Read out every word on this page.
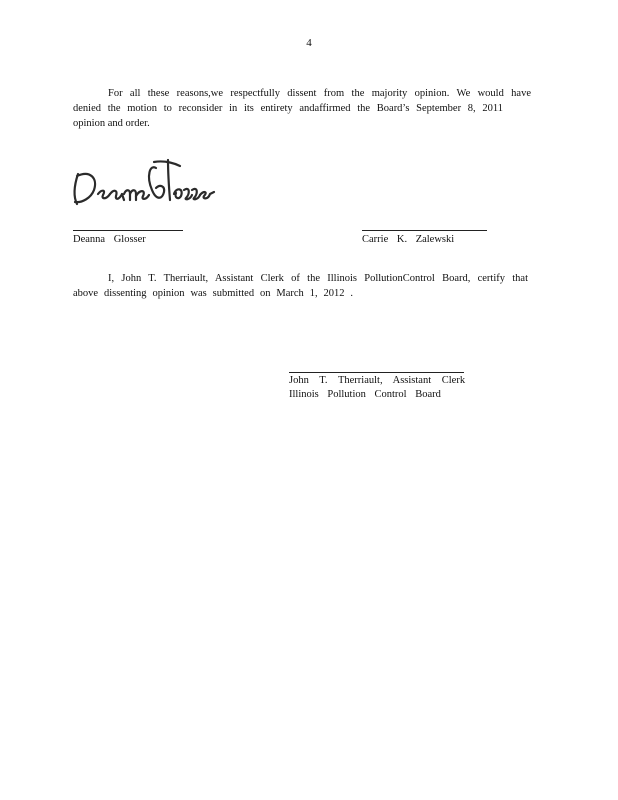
4
For all these reasons,we respectfully dissent from the majority opinion. We would have
denied the motion to reconsider in its entirety andaffirmed the Board’s September 8, 2011
opinion and order.
Deanna Glosser	Carrie K. Zalewski
I, John T. Therriault, Assistant Clerk of the Illinois PollutionControl Board, certify that
above dissenting opinion was submitted on March 1, 2012 .
John T. Therriault, Assistant Clerk
Illinois Pollution Control Board
